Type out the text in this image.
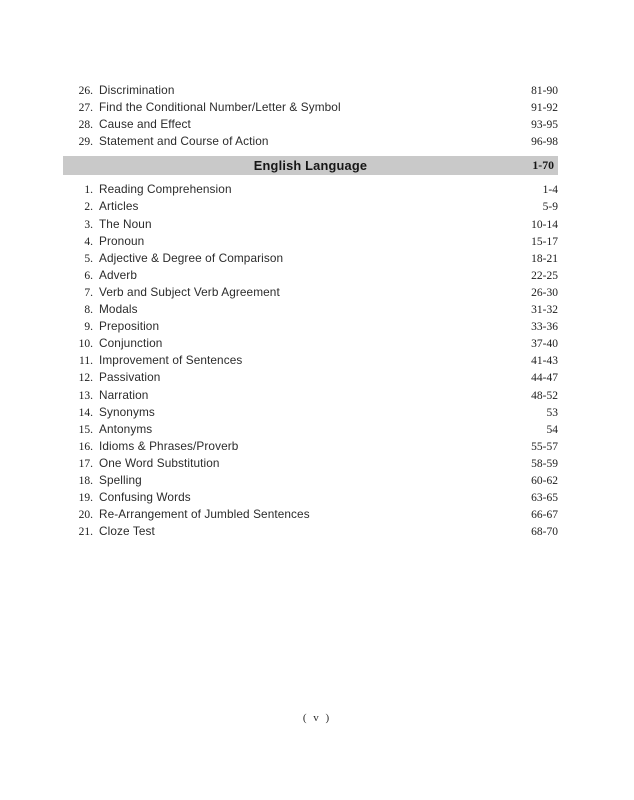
26. Discrimination	81-90
27. Find the Conditional Number/Letter & Symbol	91-92
28. Cause and Effect	93-95
29. Statement and Course of Action	96-98
English Language	1-70
1. Reading Comprehension	1-4
2. Articles	5-9
3. The Noun	10-14
4. Pronoun	15-17
5. Adjective & Degree of Comparison	18-21
6. Adverb	22-25
7. Verb and Subject Verb Agreement	26-30
8. Modals	31-32
9. Preposition	33-36
10. Conjunction	37-40
11. Improvement of Sentences	41-43
12. Passivation	44-47
13. Narration	48-52
14. Synonyms	53
15. Antonyms	54
16. Idioms & Phrases/Proverb	55-57
17. One Word Substitution	58-59
18. Spelling	60-62
19. Confusing Words	63-65
20. Re-Arrangement of Jumbled Sentences	66-67
21. Cloze Test	68-70
( v )
